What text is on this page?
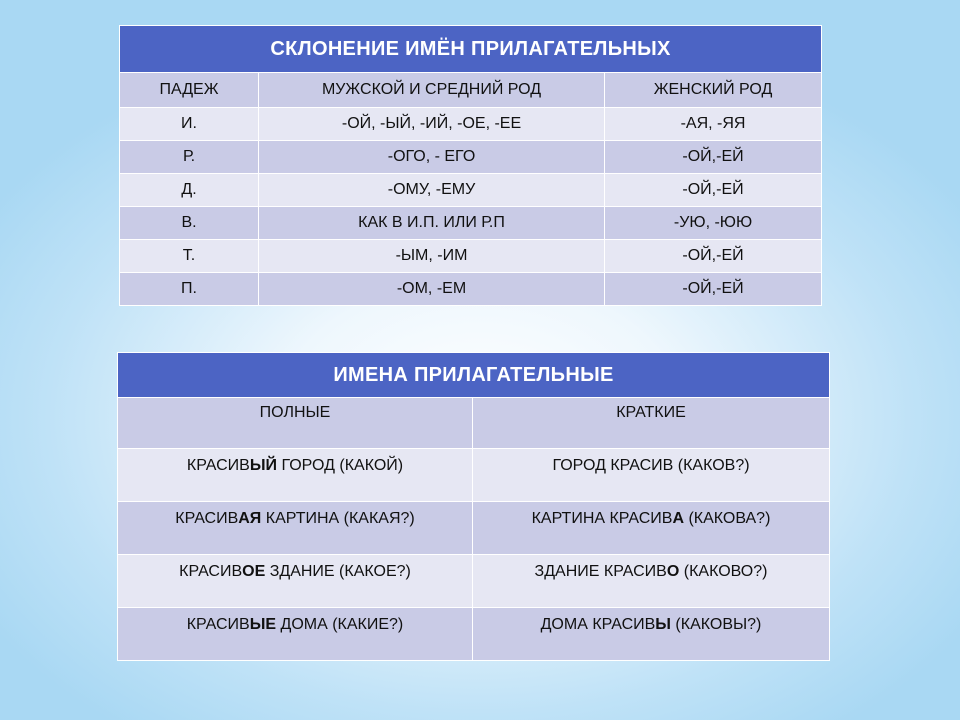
СКЛОНЕНИЕ ИМЁН ПРИЛАГАТЕЛЬНЫХ		
ПАДЕЖ	МУЖСКОЙ И СРЕДНИЙ РОД	ЖЕНСКИЙ РОД
И.	-ОЙ, -ЫЙ, -ИЙ, -ОЕ, -ЕЕ	-АЯ, -ЯЯ
Р.	-ОГО, - ЕГО	-ОЙ,-ЕЙ
Д.	-ОМУ, -ЕМУ	-ОЙ,-ЕЙ
В.	КАК В И.П. ИЛИ Р.П	-УЮ, -ЮЮ
Т.	-ЫМ, -ИМ	-ОЙ,-ЕЙ
П.	-ОМ, -ЕМ	-ОЙ,-ЕЙ
ИМЕНА ПРИЛАГАТЕЛЬНЫЕ	
ПОЛНЫЕ	КРАТКИЕ
КРАСИВЫЙ ГОРОД (КАКОЙ)	ГОРОД КРАСИВ (КАКОВ?)
КРАСИВАЯ КАРТИНА (КАКАЯ?)	КАРТИНА КРАСИВА (КАКОВА?)
КРАСИВОЕ ЗДАНИЕ (КАКОЕ?)	ЗДАНИЕ КРАСИВО (КАКОВО?)
КРАСИВЫЕ ДОМА (КАКИЕ?)	ДОМА КРАСИВЫ (КАКОВЫ?)
